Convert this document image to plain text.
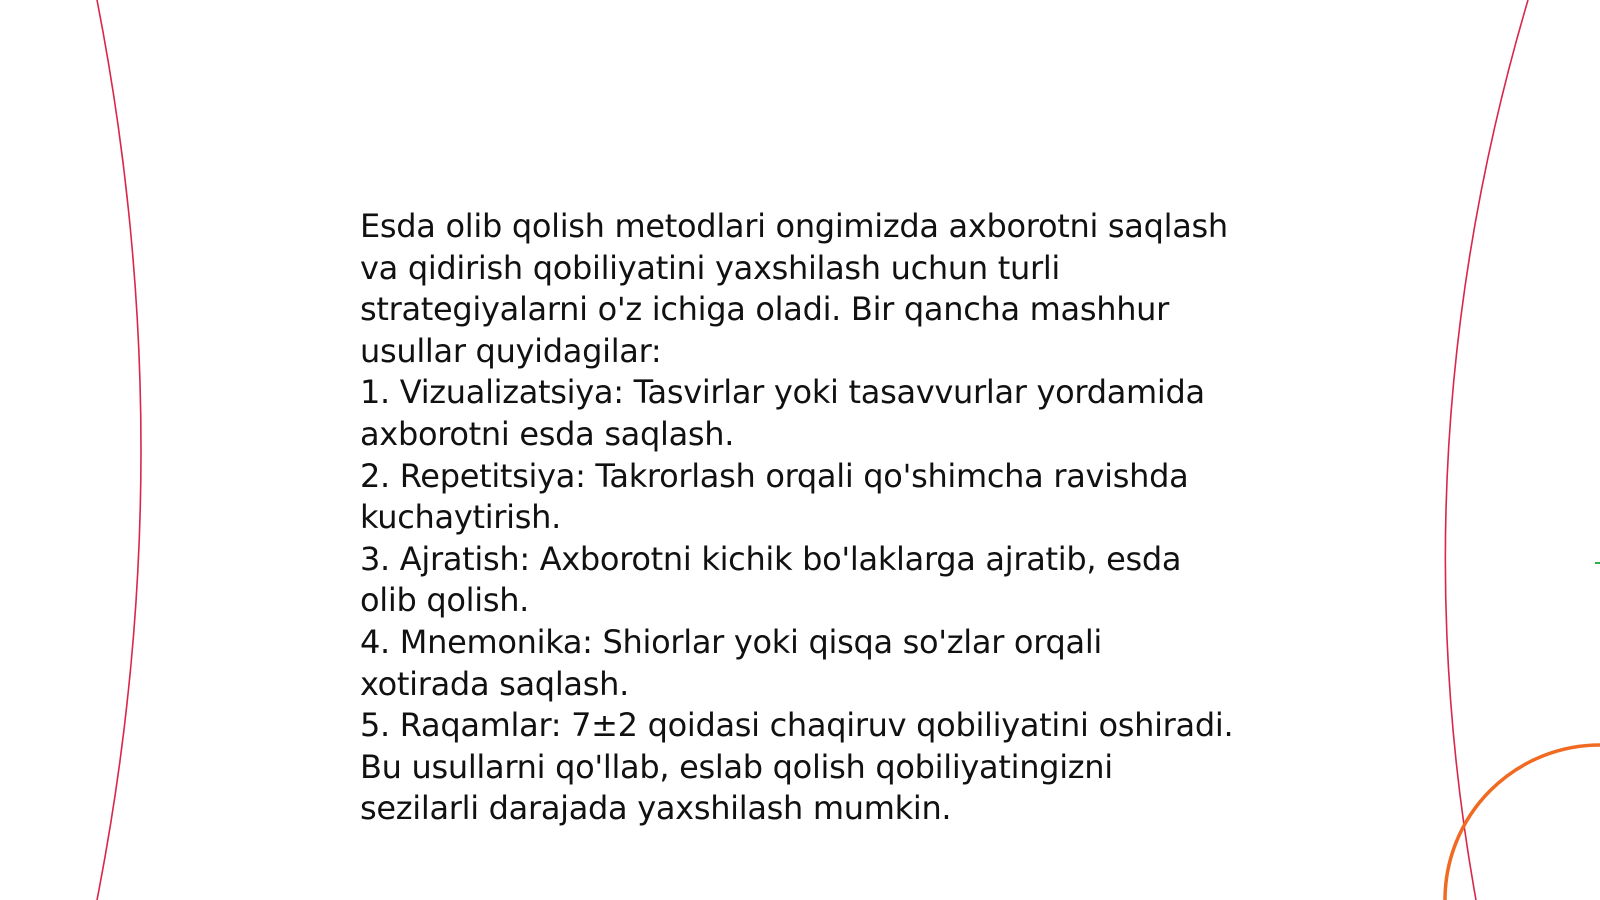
Esda olib qolish metodlari ongimizda axborotni saqlash va qidirish qobiliyatini yaxshilash uchun turli strategiyalarni o'z ichiga oladi. Bir qancha mashhur usullar quyidagilar:

1. Vizualizatsiya: Tasvirlar yoki tasavvurlar yordamida axborotni esda saqlash.

2. Repetitsiya: Takrorlash orqali qo'shimcha ravishda kuchaytirish.

3. Ajratish: Axborotni kichik bo'laklarga ajratib, esda olib qolish.

4. Mnemonika: Shiorlar yoki qisqa so'zlar orqali xotirada saqlash.

5. Raqamlar: 7±2 qoidasi chaqiruv qobiliyatini oshiradi.

Bu usullarni qo'llab, eslab qolish qobiliyatingizni sezilarli darajada yaxshilash mumkin.
